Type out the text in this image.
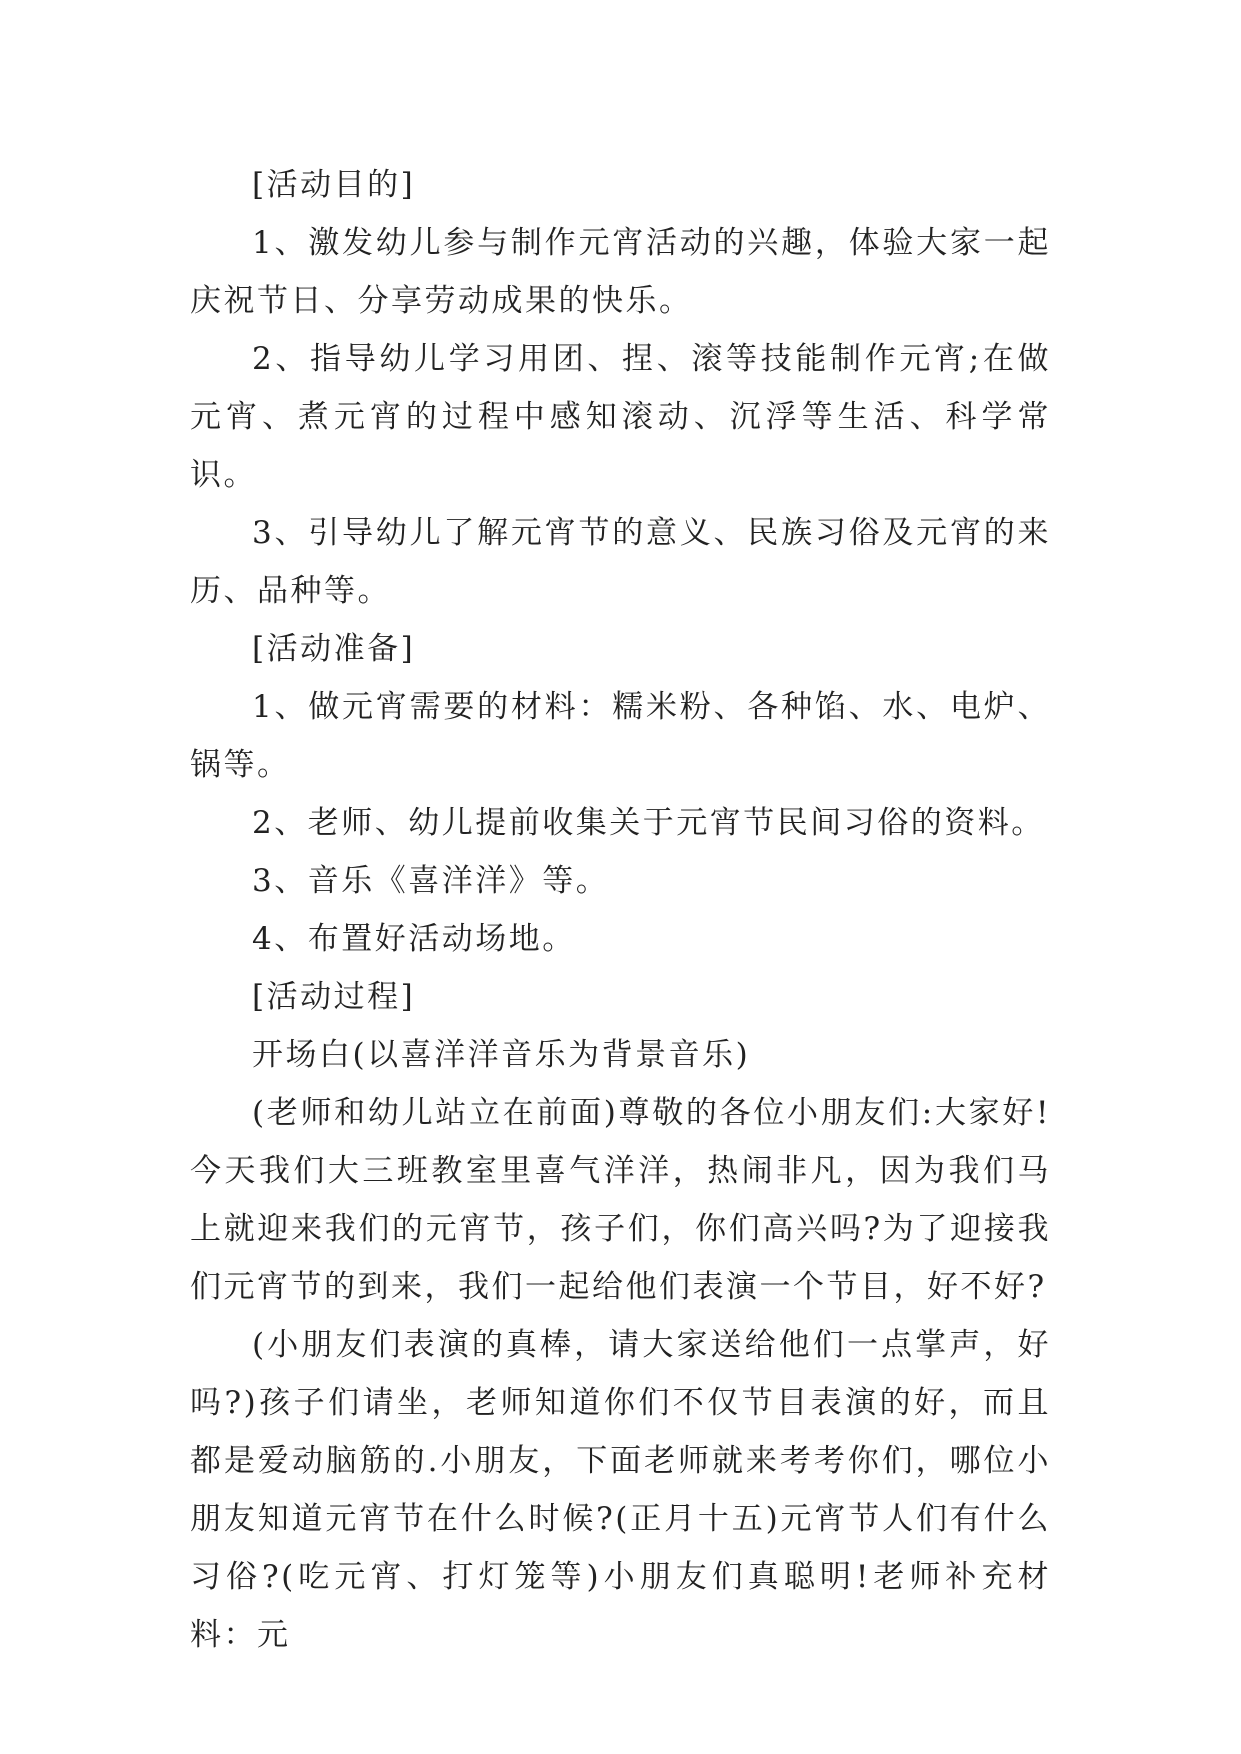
[活动目的]

1、激发幼儿参与制作元宵活动的兴趣，体验大家一起庆祝节日、分享劳动成果的快乐。

2、指导幼儿学习用团、捏、滚等技能制作元宵;在做元宵、煮元宵的过程中感知滚动、沉浮等生活、科学常识。

3、引导幼儿了解元宵节的意义、民族习俗及元宵的来历、品种等。

[活动准备]

1、做元宵需要的材料：糯米粉、各种馅、水、电炉、锅等。

2、老师、幼儿提前收集关于元宵节民间习俗的资料。

3、音乐《喜洋洋》等。

4、布置好活动场地。

[活动过程]

开场白(以喜洋洋音乐为背景音乐)

(老师和幼儿站立在前面)尊敬的各位小朋友们:大家好!今天我们大三班教室里喜气洋洋，热闹非凡，因为我们马上就迎来我们的元宵节，孩子们，你们高兴吗?为了迎接我们元宵节的到来，我们一起给他们表演一个节目，好不好?

(小朋友们表演的真棒，请大家送给他们一点掌声，好吗?)孩子们请坐，老师知道你们不仅节目表演的好，而且都是爱动脑筋的.小朋友，下面老师就来考考你们，哪位小朋友知道元宵节在什么时候?(正月十五)元宵节人们有什么习俗?(吃元宵、打灯笼等)小朋友们真聪明!老师补充材料：元
